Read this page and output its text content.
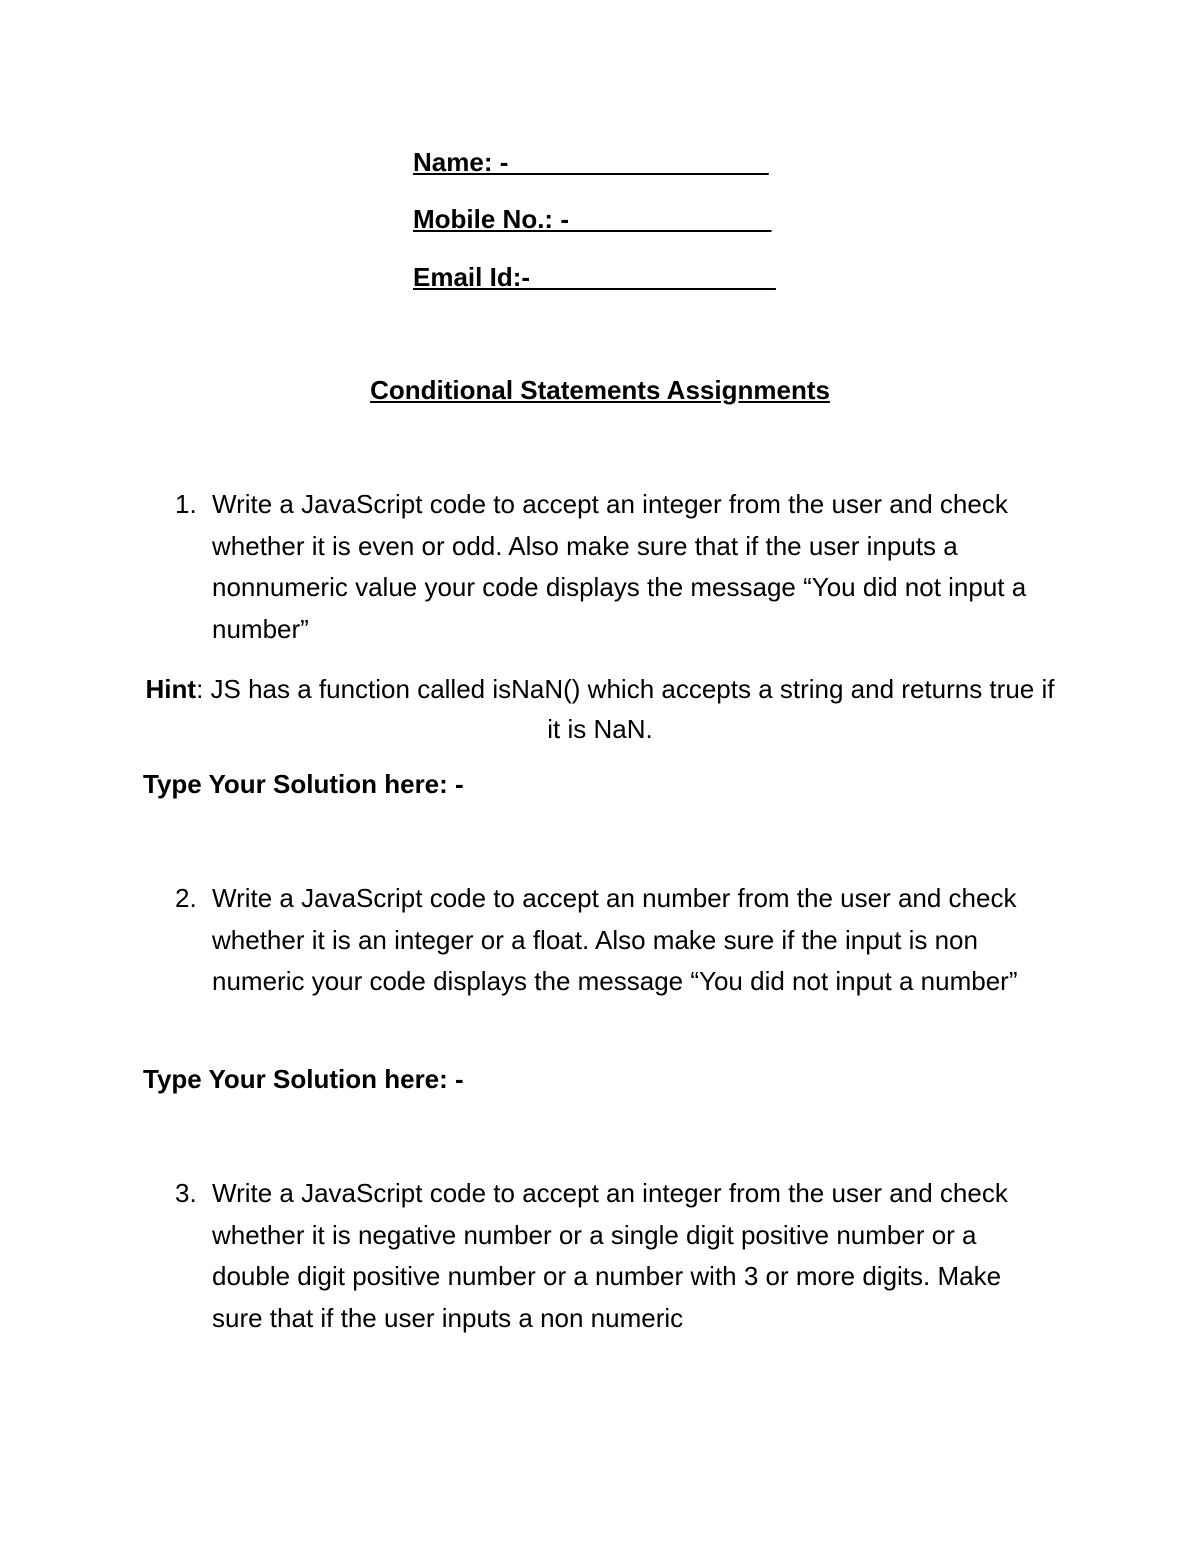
Name: -__________________
Mobile No.: -______________
Email Id:-_________________
Conditional Statements Assignments
1. Write a JavaScript code to accept an integer from the user and check whether it is even or odd. Also make sure that if the user inputs a nonnumeric value your code displays the message “You did not input a number”
Hint: JS has a function called isNaN() which accepts a string and returns true if it is NaN.
Type Your Solution here: -
2. Write a JavaScript code to accept an number from the user and check whether it is an integer or a float. Also make sure if the input is non numeric your code displays the message “You did not input a number”
Type Your Solution here: -
3. Write a JavaScript code to accept an integer from the user and check whether it is negative number or a single digit positive number or a double digit positive number or a number with 3 or more digits. Make sure that if the user inputs a non numeric
